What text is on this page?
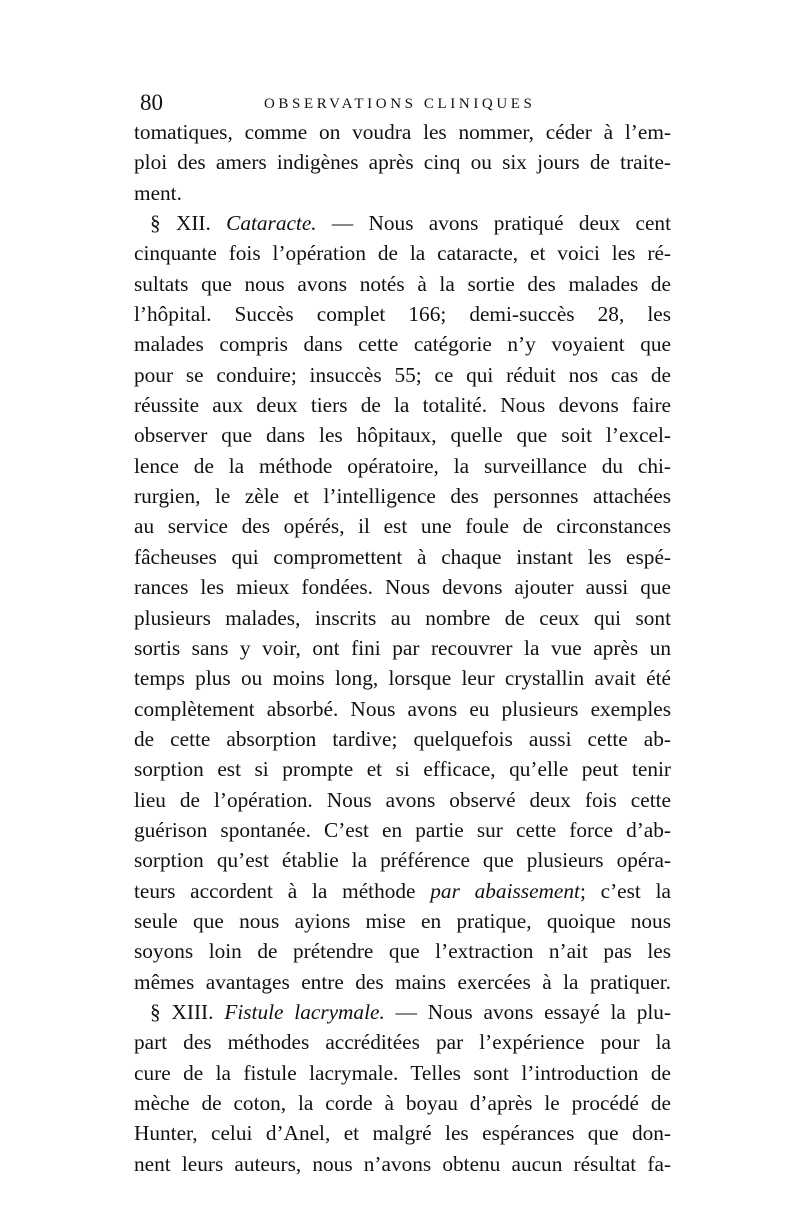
80	OBSERVATIONS CLINIQUES
tomatiques, comme on voudra les nommer, céder à l’em-
ploi des amers indigènes après cinq ou six jours de traite-
ment.
§ XII. Cataracte. — Nous avons pratiqué deux cent
cinquante fois l’opération de la cataracte, et voici les ré-
sultats que nous avons notés à la sortie des malades de
l’hôpital. Succès complet 166; demi-succès 28, les
malades compris dans cette catégorie n’y voyaient que
pour se conduire; insuccès 55; ce qui réduit nos cas de
réussite aux deux tiers de la totalité. Nous devons faire
observer que dans les hôpitaux, quelle que soit l’excel-
lence de la méthode opératoire, la surveillance du chi-
rurgien, le zèle et l’intelligence des personnes attachées
au service des opérés, il est une foule de circonstances
fâcheuses qui compromettent à chaque instant les espé-
rances les mieux fondées. Nous devons ajouter aussi que
plusieurs malades, inscrits au nombre de ceux qui sont
sortis sans y voir, ont fini par recouvrer la vue après un
temps plus ou moins long, lorsque leur crystallin avait été
complètement absorbé. Nous avons eu plusieurs exemples
de cette absorption tardive; quelquefois aussi cette ab-
sorption est si prompte et si efficace, qu’elle peut tenir
lieu de l’opération. Nous avons observé deux fois cette
guérison spontanée. C’est en partie sur cette force d’ab-
sorption qu’est établie la préférence que plusieurs opéra-
teurs accordent à la méthode par abaissement; c’est la
seule que nous ayions mise en pratique, quoique nous
soyons loin de prétendre que l’extraction n’ait pas les
mêmes avantages entre des mains exercées à la pratiquer.
§ XIII. Fistule lacrymale. — Nous avons essayé la plu-
part des méthodes accréditées par l’expérience pour la
cure de la fistule lacrymale. Telles sont l’introduction de
mèche de coton, la corde à boyau d’après le procédé de
Hunter, celui d’Anel, et malgré les espérances que don-
nent leurs auteurs, nous n’avons obtenu aucun résultat fa-
